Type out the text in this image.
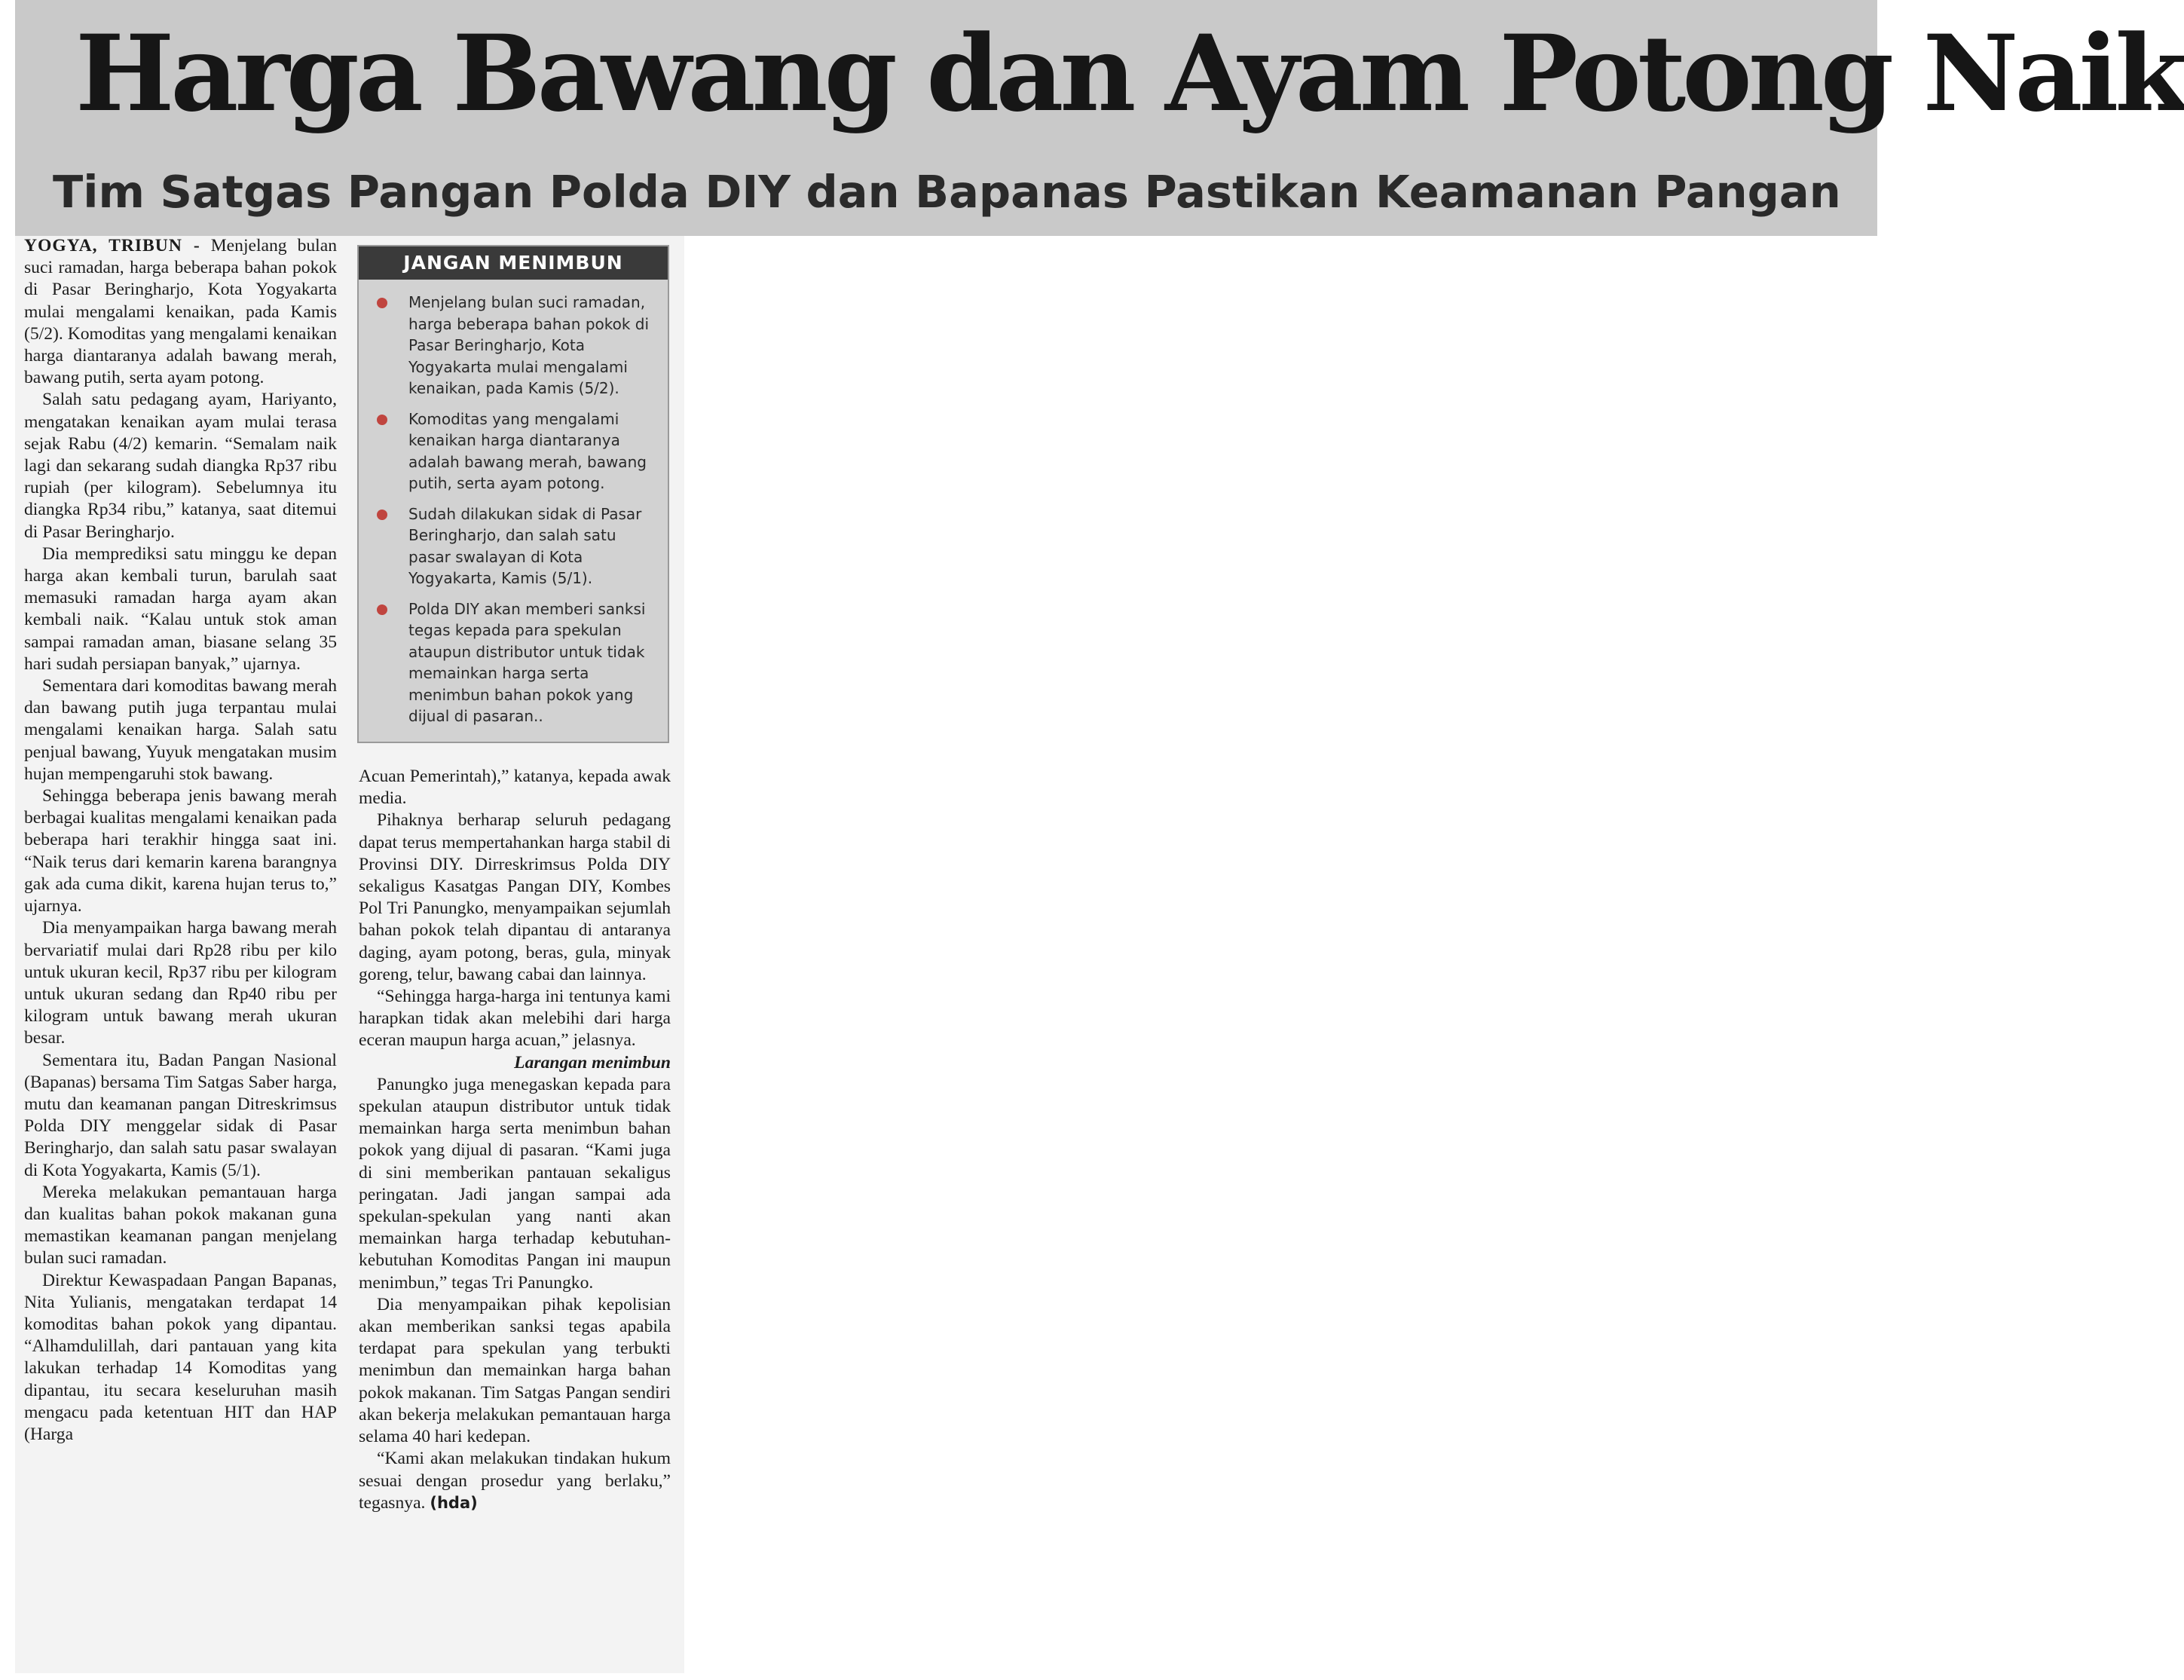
Harga Bawang dan Ayam Potong Naik
Tim Satgas Pangan Polda DIY dan Bapanas Pastikan Keamanan Pangan

YOGYA, TRIBUN - Menjelang bulan suci ramadan, harga beberapa bahan pokok di Pasar Beringharjo, Kota Yogyakarta mulai mengalami kenaikan, pada Kamis (5/2). Komoditas yang mengalami kenaikan harga diantaranya adalah bawang merah, bawang putih, serta ayam potong.

Salah satu pedagang ayam, Hariyanto, mengatakan kenaikan ayam mulai terasa sejak Rabu (4/2) kemarin. “Semalam naik lagi dan sekarang sudah diangka Rp37 ribu rupiah (per kilogram). Sebelumnya itu diangka Rp34 ribu,” katanya, saat ditemui di Pasar Beringharjo.

Dia memprediksi satu minggu ke depan harga akan kembali turun, barulah saat memasuki ramadan harga ayam akan kembali naik. “Kalau untuk stok aman sampai ramadan aman, biasane selang 35 hari sudah persiapan banyak,” ujarnya.

Sementara dari komoditas bawang merah dan bawang putih juga terpantau mulai mengalami kenaikan harga. Salah satu penjual bawang, Yuyuk mengatakan musim hujan mempengaruhi stok bawang.

Sehingga beberapa jenis bawang merah berbagai kualitas mengalami kenaikan pada beberapa hari terakhir hingga saat ini. “Naik terus dari kemarin karena barangnya gak ada cuma dikit, karena hujan terus to,” ujarnya.

Dia menyampaikan harga bawang merah bervariatif mulai dari Rp28 ribu per kilo untuk ukuran kecil, Rp37 ribu per kilogram untuk ukuran sedang dan Rp40 ribu per kilogram untuk bawang merah ukuran besar.

Sementara itu, Badan Pangan Nasional (Bapanas) bersama Tim Satgas Saber harga, mutu dan keamanan pangan Ditreskrimsus Polda DIY menggelar sidak di Pasar Beringharjo, dan salah satu pasar swalayan di Kota Yogyakarta, Kamis (5/1).

Mereka melakukan pemantauan harga dan kualitas bahan pokok makanan guna memastikan keamanan pangan menjelang bulan suci ramadan.

Direktur Kewaspadaan Pangan Bapanas, Nita Yulianis, mengatakan terdapat 14 komoditas bahan pokok yang dipantau. “Alhamdulillah, dari pantauan yang kita lakukan terhadap 14 Komoditas yang dipantau, itu secara keseluruhan masih mengacu pada ketentuan HIT dan HAP (Harga

JANGAN MENIMBUN
Menjelang bulan suci ramadan, harga beberapa bahan pokok di Pasar Beringharjo, Kota Yogyakarta mulai mengalami kenaikan, pada Kamis (5/2).
Komoditas yang mengalami kenaikan harga diantaranya adalah bawang merah, bawang putih, serta ayam potong.
Sudah dilakukan sidak di Pasar Beringharjo, dan salah satu pasar swalayan di Kota Yogyakarta, Kamis (5/1).
Polda DIY akan memberi sanksi tegas kepada para spekulan ataupun distributor untuk tidak memainkan harga serta menimbun bahan pokok yang dijual di pasaran..

Acuan Pemerintah),” katanya, kepada awak media.

Pihaknya berharap seluruh pedagang dapat terus mempertahankan harga stabil di Provinsi DIY. Dirreskrimsus Polda DIY sekaligus Kasatgas Pangan DIY, Kombes Pol Tri Panungko, menyampaikan sejumlah bahan pokok telah dipantau di antaranya daging, ayam potong, beras, gula, minyak goreng, telur, bawang cabai dan lainnya.

“Sehingga harga-harga ini tentunya kami harapkan tidak akan melebihi dari harga eceran maupun harga acuan,” jelasnya.

Larangan menimbun

Panungko juga menegaskan kepada para spekulan ataupun distributor untuk tidak memainkan harga serta menimbun bahan pokok yang dijual di pasaran. “Kami juga di sini memberikan pantauan sekaligus peringatan. Jadi jangan sampai ada spekulan-spekulan yang nanti akan memainkan harga terhadap kebutuhan-kebutuhan Komoditas Pangan ini maupun menimbun,” tegas Tri Panungko.

Dia menyampaikan pihak kepolisian akan memberikan sanksi tegas apabila terdapat para spekulan yang terbukti menimbun dan memainkan harga bahan pokok makanan. Tim Satgas Pangan sendiri akan bekerja melakukan pemantauan harga selama 40 hari kedepan.

“Kami akan melakukan tindakan hukum sesuai dengan prosedur yang berlaku,” tegasnya. (hda)
